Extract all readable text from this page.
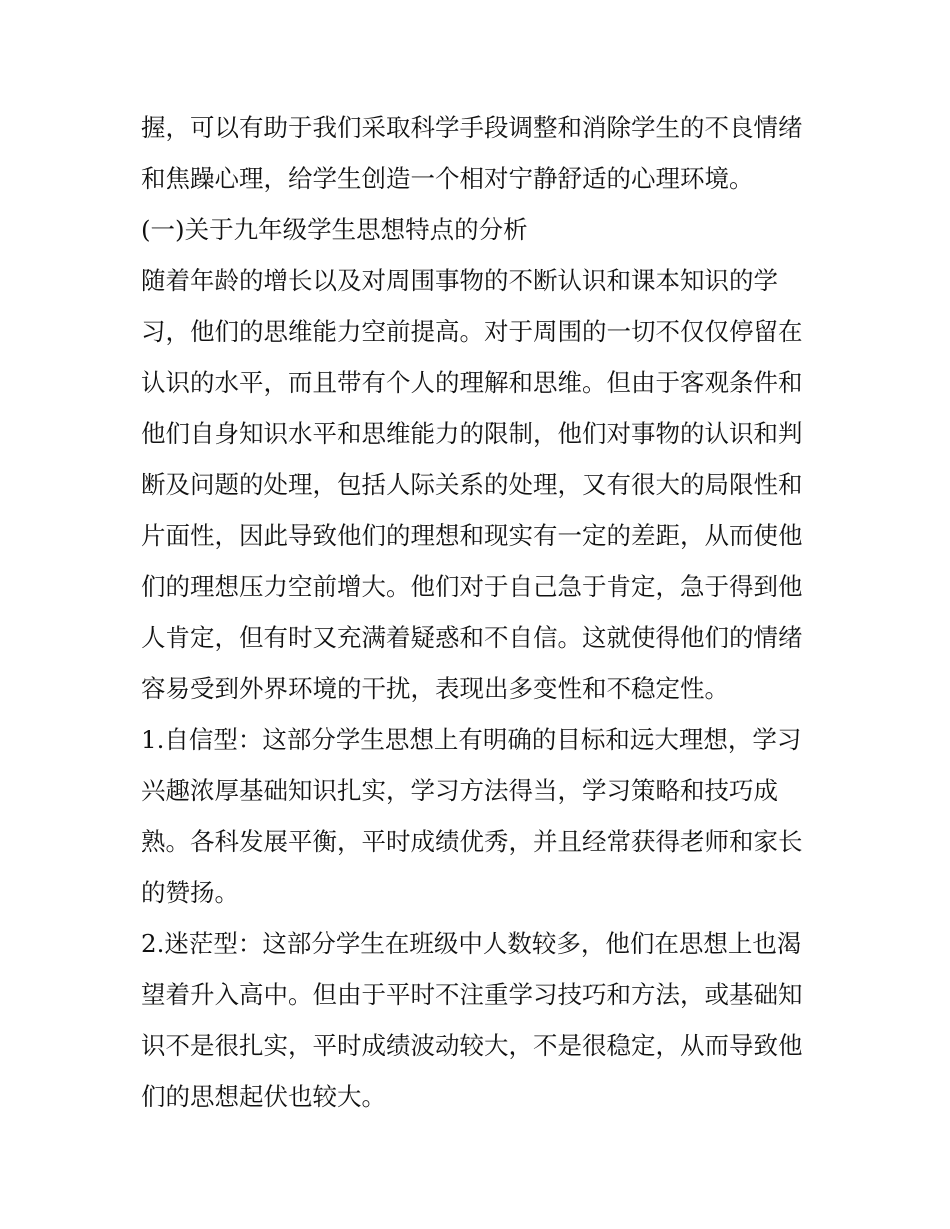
握，可以有助于我们采取科学手段调整和消除学生的不良情绪
和焦躁心理，给学生创造一个相对宁静舒适的心理环境。
(一)关于九年级学生思想特点的分析
随着年龄的增长以及对周围事物的不断认识和课本知识的学
习，他们的思维能力空前提高。对于周围的一切不仅仅停留在
认识的水平，而且带有个人的理解和思维。但由于客观条件和
他们自身知识水平和思维能力的限制，他们对事物的认识和判
断及问题的处理，包括人际关系的处理，又有很大的局限性和
片面性，因此导致他们的理想和现实有一定的差距，从而使他
们的理想压力空前增大。他们对于自己急于肯定，急于得到他
人肯定，但有时又充满着疑惑和不自信。这就使得他们的情绪
容易受到外界环境的干扰，表现出多变性和不稳定性。
1.自信型：这部分学生思想上有明确的目标和远大理想，学习
兴趣浓厚基础知识扎实，学习方法得当，学习策略和技巧成
熟。各科发展平衡，平时成绩优秀，并且经常获得老师和家长
的赞扬。
2.迷茫型：这部分学生在班级中人数较多，他们在思想上也渴
望着升入高中。但由于平时不注重学习技巧和方法，或基础知
识不是很扎实，平时成绩波动较大，不是很稳定，从而导致他
们的思想起伏也较大。
